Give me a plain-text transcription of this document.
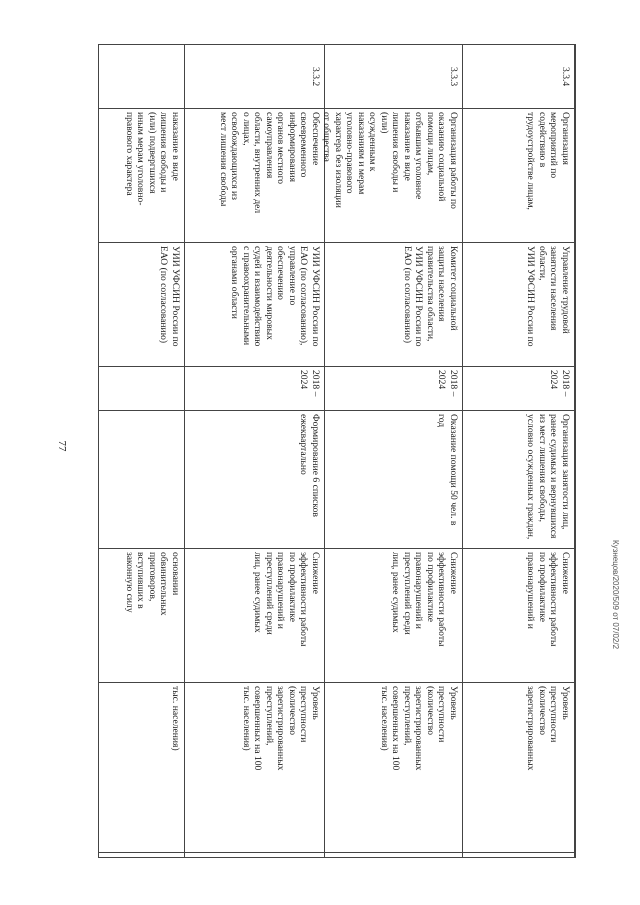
77
Кузнецов/2020/509 от 07/02/2
наказание в виде
лишения свободы и
(или) подвергшихся
иным мерам уголовно-
правового характера
УИИ УФСИН России по
ЕАО (по согласованию)
основании
обвинительных
приговоров,
вступивших в
законную силу
тыс. населения)
3.3.2
Обеспечение
своевременного
информирования
органов местного
самоуправления
области, внутренних дел
о лицах,
освобождающихся из
мест лишения свободы
УИИ УФСИН России по
ЕАО (по согласованию),
управление по
обеспечению
деятельности мировых
судей и взаимодействию
с правоохранительными
органами области
2018 –
2024
Формирование 6 списков
ежеквартально
Снижение
эффективности работы
по профилактике
правонарушений и
преступлений среди
лиц, ранее судимых
Уровень
преступности
(количество
зарегистрированных
преступлений,
совершенных на 100
тыс. населения)
3.3.3
Организация работы по
оказанию социальной
помощи лицам,
отбывшим уголовное
наказание в виде
лишения свободы и
(или)
осужденным к
наказаниям и мерам
уголовно-правового
характера без изоляции
от общества
Комитет социальной
защиты населения
правительства области,
УИИ УФСИН России по
ЕАО (по согласованию)
2018 –
2024
Оказание помощи 50 чел. в
год
Снижение
эффективности работы
по профилактике
правонарушений и
преступлений среди
лиц, ранее судимых
Уровень
преступности
(количество
зарегистрированных
преступлений,
совершенных на 100
тыс. населения)
3.3.4
Организация
мероприятий по
содействию в
трудоустройстве лицам,
Управление трудовой
занятости населения
области,
УИИ УФСИН России по
2018 –
2024
Организация занятости лиц,
ранее судимых и вернувшихся
из мест лишения свободы,
условно осужденных граждан,
Снижение
эффективности работы
по профилактике
правонарушений и
Уровень
преступности
(количество
зарегистрированных
